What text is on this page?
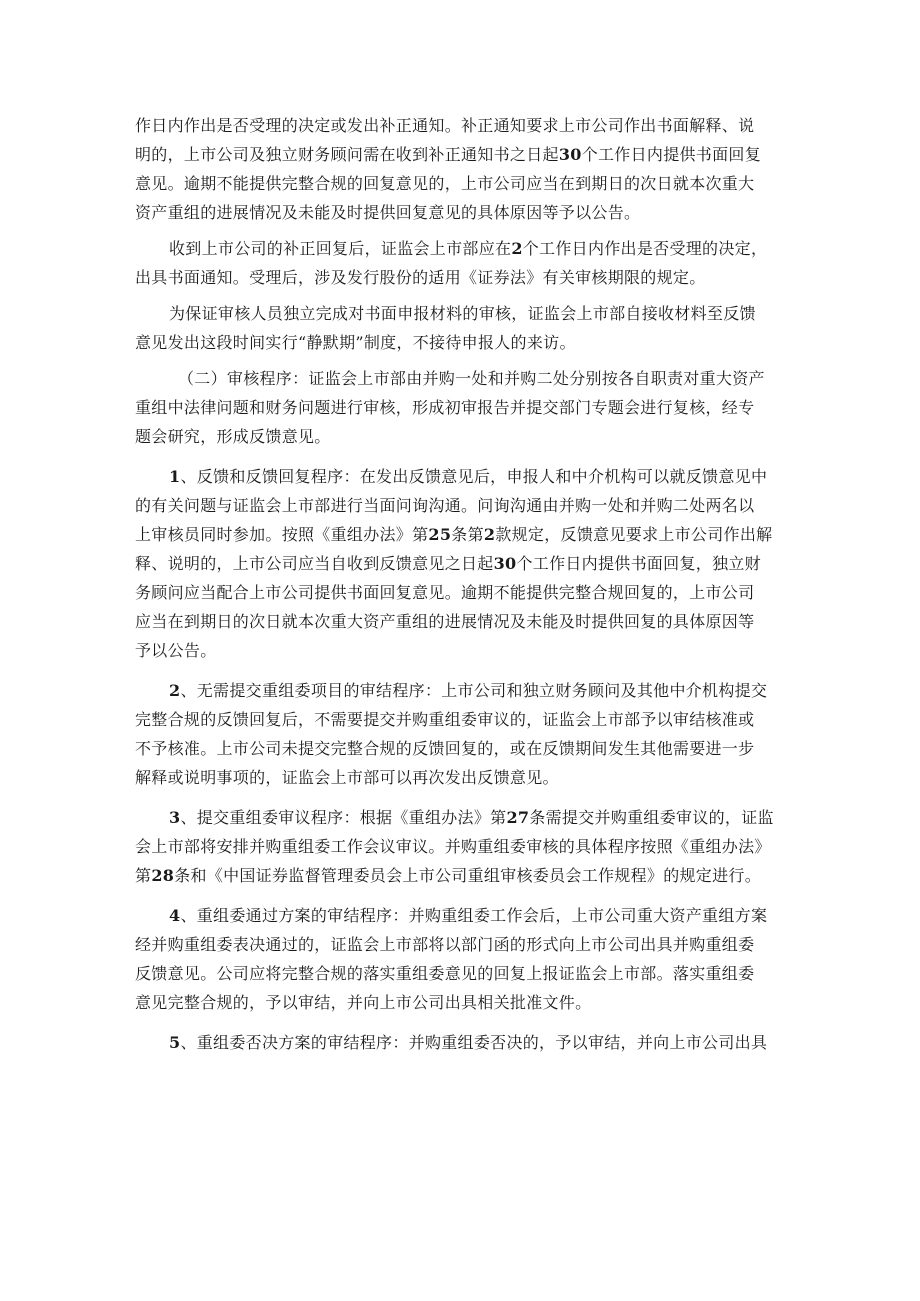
作日内作出是否受理的决定或发出补正通知。补正通知要求上市公司作出书面解释、说
明的，上市公司及独立财务顾问需在收到补正通知书之日起30个工作日内提供书面回复
意见。逾期不能提供完整合规的回复意见的，上市公司应当在到期日的次日就本次重大
资产重组的进展情况及未能及时提供回复意见的具体原因等予以公告。
收到上市公司的补正回复后，证监会上市部应在2个工作日内作出是否受理的决定，
出具书面通知。受理后，涉及发行股份的适用《证券法》有关审核期限的规定。
为保证审核人员独立完成对书面申报材料的审核，证监会上市部自接收材料至反馈
意见发出这段时间实行“静默期”制度，不接待申报人的来访。
（二）审核程序：证监会上市部由并购一处和并购二处分别按各自职责对重大资产
重组中法律问题和财务问题进行审核，形成初审报告并提交部门专题会进行复核，经专
题会研究，形成反馈意见。
1、反馈和反馈回复程序：在发出反馈意见后，申报人和中介机构可以就反馈意见中
的有关问题与证监会上市部进行当面问询沟通。问询沟通由并购一处和并购二处两名以
上审核员同时参加。按照《重组办法》第25条第2款规定，反馈意见要求上市公司作出解
释、说明的，上市公司应当自收到反馈意见之日起30个工作日内提供书面回复，独立财
务顾问应当配合上市公司提供书面回复意见。逾期不能提供完整合规回复的，上市公司
应当在到期日的次日就本次重大资产重组的进展情况及未能及时提供回复的具体原因等
予以公告。
2、无需提交重组委项目的审结程序：上市公司和独立财务顾问及其他中介机构提交
完整合规的反馈回复后，不需要提交并购重组委审议的，证监会上市部予以审结核准或
不予核准。上市公司未提交完整合规的反馈回复的，或在反馈期间发生其他需要进一步
解释或说明事项的，证监会上市部可以再次发出反馈意见。
3、提交重组委审议程序：根据《重组办法》第27条需提交并购重组委审议的，证监
会上市部将安排并购重组委工作会议审议。并购重组委审核的具体程序按照《重组办法》
第28条和《中国证券监督管理委员会上市公司重组审核委员会工作规程》的规定进行。
4、重组委通过方案的审结程序：并购重组委工作会后，上市公司重大资产重组方案
经并购重组委表决通过的，证监会上市部将以部门函的形式向上市公司出具并购重组委
反馈意见。公司应将完整合规的落实重组委意见的回复上报证监会上市部。落实重组委
意见完整合规的，予以审结，并向上市公司出具相关批准文件。
5、重组委否决方案的审结程序：并购重组委否决的，予以审结，并向上市公司出具
